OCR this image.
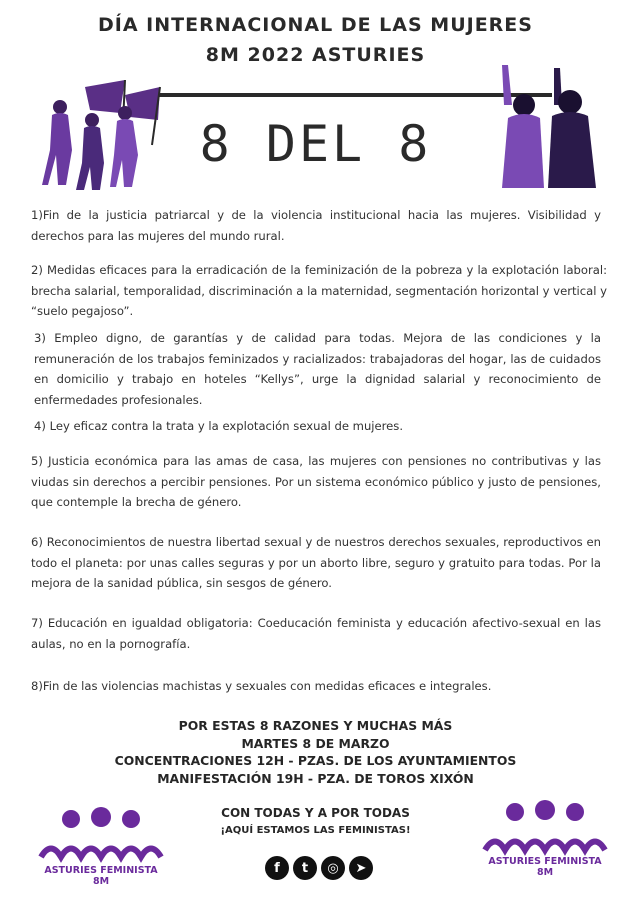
DÍA INTERNACIONAL DE LAS MUJERES
8M 2022 ASTURIES
8 DEL 8
1)Fin de la justicia patriarcal y de la violencia institucional hacia las mujeres. Visibilidad y derechos para las mujeres del mundo rural.
2) Medidas eficaces para la erradicación de la feminización de la pobreza y la explotación laboral: brecha salarial, temporalidad, discriminación a la maternidad, segmentación horizontal y vertical y “suelo pegajoso”.
3) Empleo digno, de garantías y de calidad para todas. Mejora de las condiciones y la remuneración de los trabajos feminizados y racializados: trabajadoras del hogar, las de cuidados en domicilio y trabajo en hoteles “Kellys”, urge la dignidad salarial y reconocimiento de enfermedades profesionales.
4) Ley eficaz contra la trata y la explotación sexual de mujeres.
5) Justicia económica para las amas de casa, las mujeres con pensiones no contributivas y las viudas sin derechos a percibir pensiones. Por un sistema económico público y justo de pensiones, que contemple la brecha de género.
6) Reconocimientos de nuestra libertad sexual y de nuestros derechos sexuales, reproductivos en todo el planeta: por unas calles seguras y por un aborto libre, seguro y gratuito para todas. Por la mejora de la sanidad pública, sin sesgos de género.
7) Educación en igualdad obligatoria: Coeducación feminista y educación afectivo-sexual en las aulas, no en la pornografía.
8)Fin de las violencias machistas y sexuales con medidas eficaces e integrales.
POR ESTAS 8 RAZONES Y MUCHAS MÁS
MARTES 8 DE MARZO
CONCENTRACIONES 12H - PZAS. DE LOS AYUNTAMIENTOS
MANIFESTACIÓN 19H - PZA. DE TOROS XIXÓN
CON TODAS Y A POR TODAS
¡AQUÍ ESTAMOS LAS FEMINISTAS!
ASTURIES FEMINISTA 8M
ASTURIES FEMINISTA 8M
f	t	◎	➤
